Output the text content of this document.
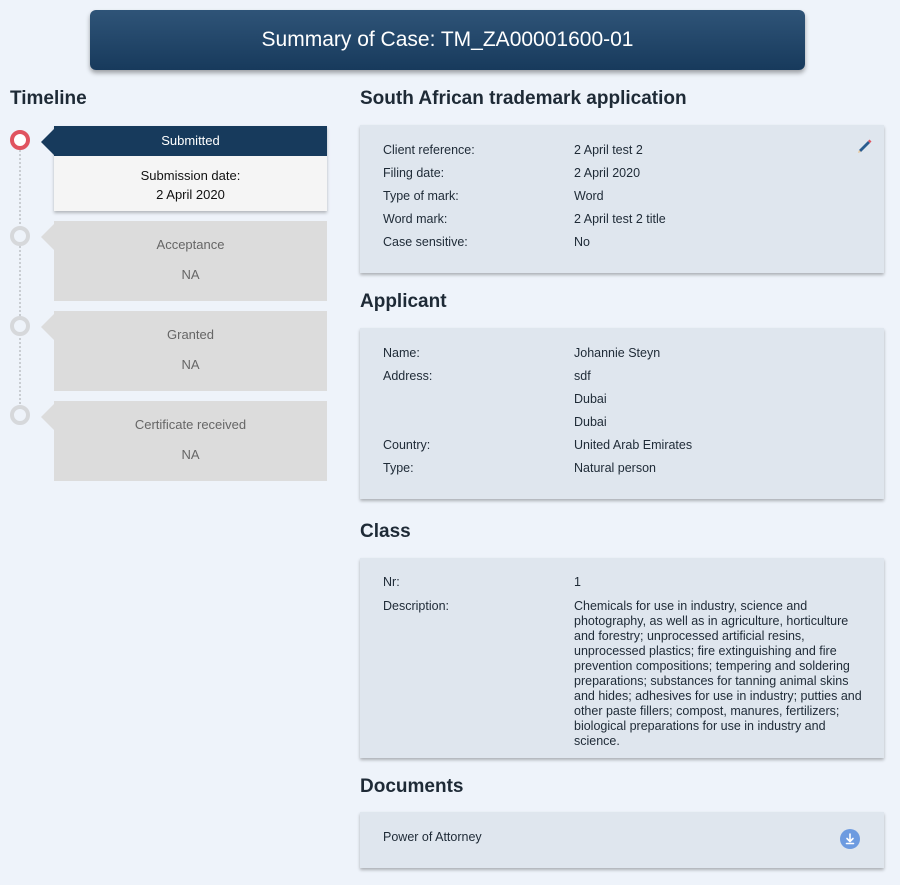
Summary of Case: TM_ZA00001600-01
Timeline
Submitted
Submission date:
2 April 2020
Acceptance
NA
Granted
NA
Certificate received
NA
South African trademark application
Client reference:	2 April test 2
Filing date:	2 April 2020
Type of mark:	Word
Word mark:	2 April test 2 title
Case sensitive:	No
Applicant
Name:	Johannie Steyn
Address:	sdf
Dubai
Dubai
Country:	United Arab Emirates
Type:	Natural person
Class
Nr:	1
Description:	Chemicals for use in industry, science and photography, as well as in agriculture, horticulture and forestry; unprocessed artificial resins, unprocessed plastics; fire extinguishing and fire prevention compositions; tempering and soldering preparations; substances for tanning animal skins and hides; adhesives for use in industry; putties and other paste fillers; compost, manures, fertilizers; biological preparations for use in industry and science.
Documents
Power of Attorney
